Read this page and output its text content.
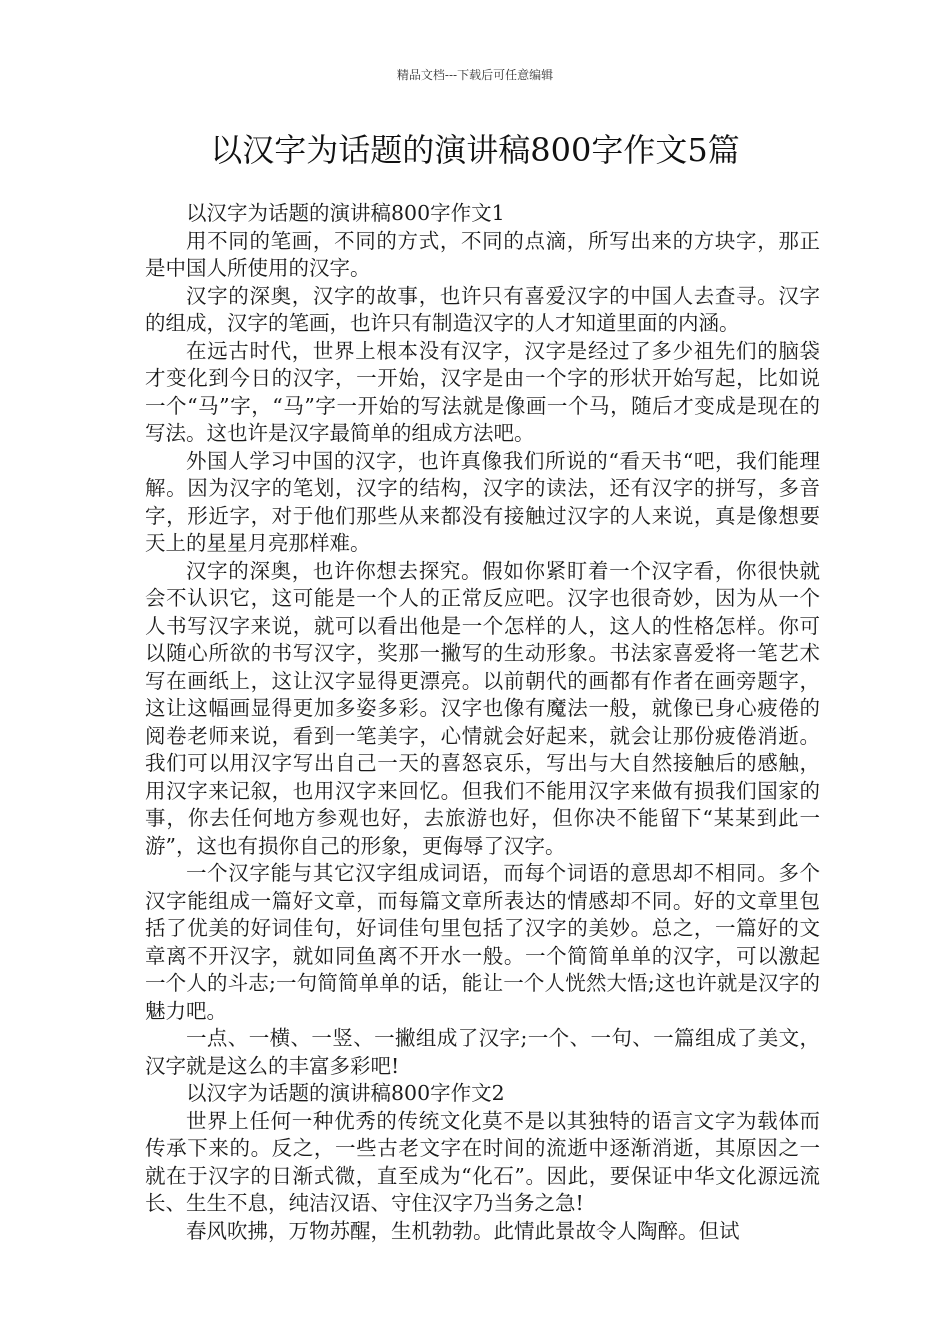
精品文档---下载后可任意编辑
以汉字为话题的演讲稿800字作文5篇

以汉字为话题的演讲稿800字作文1

用不同的笔画，不同的方式，不同的点滴，所写出来的方块字，那正是中国人所使用的汉字。

汉字的深奥，汉字的故事，也许只有喜爱汉字的中国人去查寻。汉字的组成，汉字的笔画，也许只有制造汉字的人才知道里面的内涵。

在远古时代，世界上根本没有汉字，汉字是经过了多少祖先们的脑袋才变化到今日的汉字，一开始，汉字是由一个字的形状开始写起，比如说一个“马”字，“马”字一开始的写法就是像画一个马，随后才变成是现在的写法。这也许是汉字最简单的组成方法吧。

外国人学习中国的汉字，也许真像我们所说的“看天书“吧，我们能理解。因为汉字的笔划，汉字的结构，汉字的读法，还有汉字的拼写，多音字，形近字，对于他们那些从来都没有接触过汉字的人来说，真是像想要天上的星星月亮那样难。

汉字的深奥，也许你想去探究。假如你紧盯着一个汉字看，你很快就会不认识它，这可能是一个人的正常反应吧。汉字也很奇妙，因为从一个人书写汉字来说，就可以看出他是一个怎样的人，这人的性格怎样。你可以随心所欲的书写汉字，奖那一撇写的生动形象。书法家喜爱将一笔艺术写在画纸上，这让汉字显得更漂亮。以前朝代的画都有作者在画旁题字，这让这幅画显得更加多姿多彩。汉字也像有魔法一般，就像已身心疲倦的阅卷老师来说，看到一笔美字，心情就会好起来，就会让那份疲倦消逝。我们可以用汉字写出自己一天的喜怒哀乐，写出与大自然接触后的感触，用汉字来记叙，也用汉字来回忆。但我们不能用汉字来做有损我们国家的事，你去任何地方参观也好，去旅游也好，但你决不能留下“某某到此一游”，这也有损你自己的形象，更侮辱了汉字。

一个汉字能与其它汉字组成词语，而每个词语的意思却不相同。多个汉字能组成一篇好文章，而每篇文章所表达的情感却不同。好的文章里包括了优美的好词佳句，好词佳句里包括了汉字的美妙。总之，一篇好的文章离不开汉字，就如同鱼离不开水一般。一个简简单单的汉字，可以激起一个人的斗志;一句简简单单的话，能让一个人恍然大悟;这也许就是汉字的魅力吧。

一点、一横、一竖、一撇组成了汉字;一个、一句、一篇组成了美文，汉字就是这么的丰富多彩吧!

以汉字为话题的演讲稿800字作文2

世界上任何一种优秀的传统文化莫不是以其独特的语言文字为载体而传承下来的。反之，一些古老文字在时间的流逝中逐渐消逝，其原因之一就在于汉字的日渐式微，直至成为“化石”。因此，要保证中华文化源远流长、生生不息，纯洁汉语、守住汉字乃当务之急!

春风吹拂，万物苏醒，生机勃勃。此情此景故令人陶醉。但试
